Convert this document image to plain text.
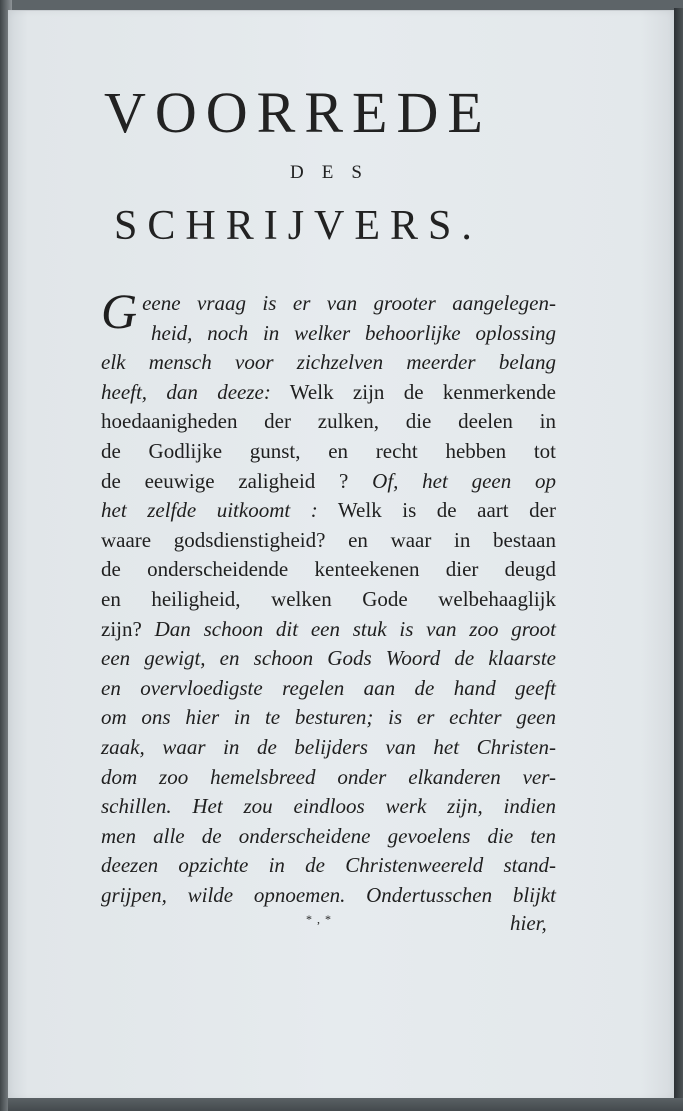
VOORREDE
DES
SCHRIJVERS.
G eene vraag is er van grooter aangelegen-
heid, noch in welker behoorlijke oplossing
elk mensch voor zichzelven meerder belang
heeft, dan deeze: Welk zijn de kenmerkende
hoedaanigheden der zulken, die deelen in
de Godlijke gunst, en recht hebben tot
de eeuwige zaligheid ? Of, het geen op
het zelfde uitkoomt : Welk is de aart der
waare godsdienstigheid? en waar in bestaan
de onderscheidende kenteekenen dier deugd
en heiligheid, welken Gode welbehaaglijk
zijn? Dan schoon dit een stuk is van zoo groot
een gewigt, en schoon Gods Woord de klaarste
en overvloedigste regelen aan de hand geeft
om ons hier in te besturen; is er echter geen
zaak, waar in de belijders van het Christen-
dom zoo hemelsbreed onder elkanderen ver-
schillen. Het zou eindloos werk zijn, indien
men alle de onderscheidene gevoelens die ten
deezen opzichte in de Christenweereld stand-
grijpen, wilde opnoemen. Ondertusschen blijkt
*,*	hier,
